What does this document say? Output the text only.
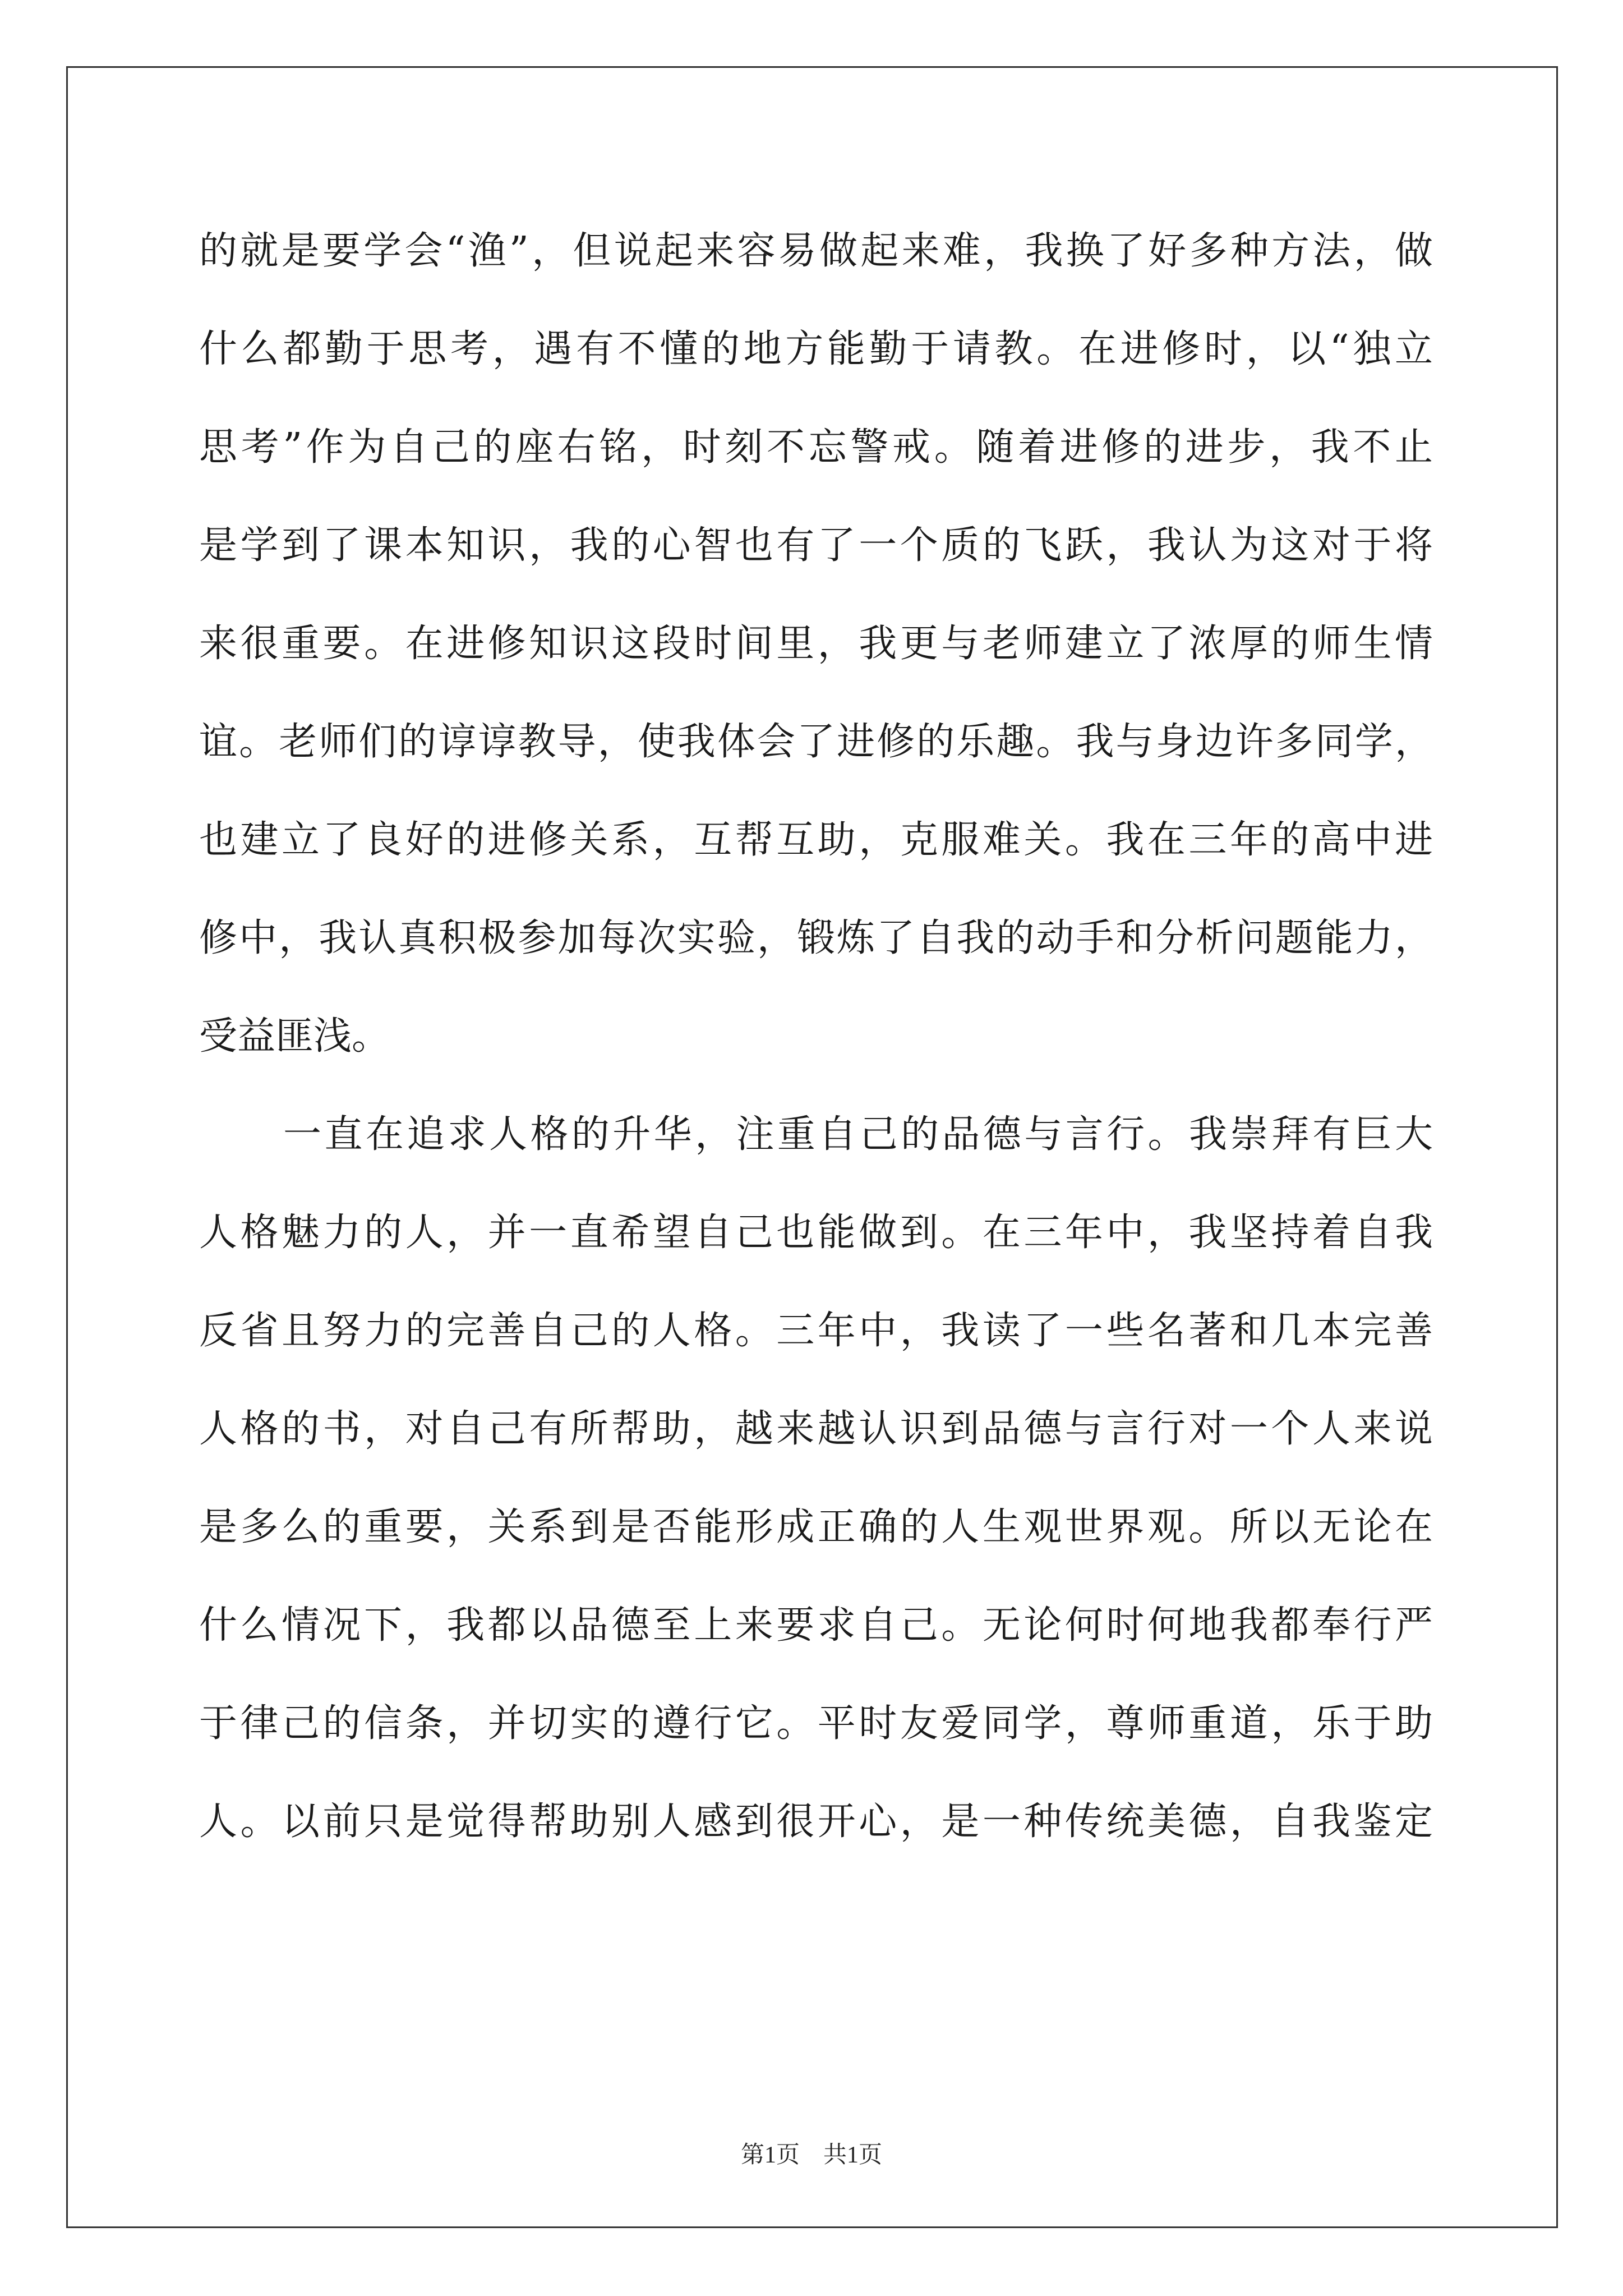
的就是要学会“渔”，但说起来容易做起来难，我换了好多种方法，做
什么都勤于思考，遇有不懂的地方能勤于请教。在进修时，以“独立
思考”作为自己的座右铭，时刻不忘警戒。随着进修的进步，我不止
是学到了课本知识，我的心智也有了一个质的飞跃，我认为这对于将
来很重要。在进修知识这段时间里，我更与老师建立了浓厚的师生情
谊。老师们的谆谆教导，使我体会了进修的乐趣。我与身边许多同学，
也建立了良好的进修关系，互帮互助，克服难关。我在三年的高中进
修中，我认真积极参加每次实验，锻炼了自我的动手和分析问题能力，
受益匪浅。
一直在追求人格的升华，注重自己的品德与言行。我崇拜有巨大
人格魅力的人，并一直希望自己也能做到。在三年中，我坚持着自我
反省且努力的完善自己的人格。三年中，我读了一些名著和几本完善
人格的书，对自己有所帮助，越来越认识到品德与言行对一个人来说
是多么的重要，关系到是否能形成正确的人生观世界观。所以无论在
什么情况下，我都以品德至上来要求自己。无论何时何地我都奉行严
于律己的信条，并切实的遵行它。平时友爱同学，尊师重道，乐于助
人。以前只是觉得帮助别人感到很开心，是一种传统美德，自我鉴定
第1页 共1页
